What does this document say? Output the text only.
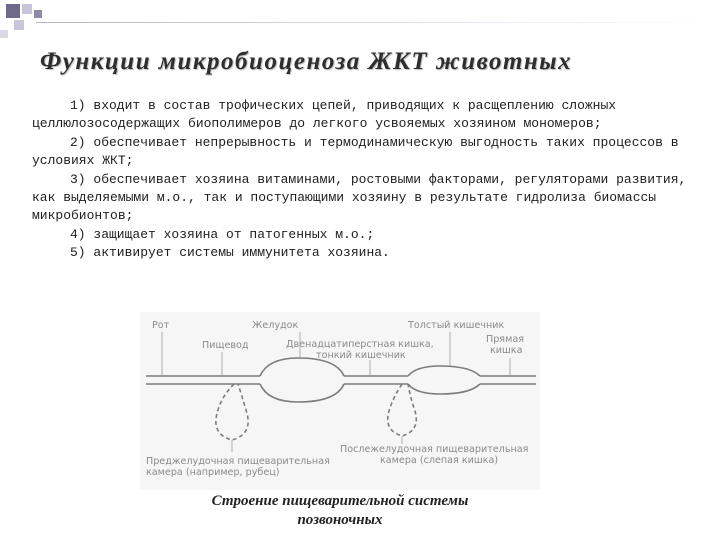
Функции микробиоценоза ЖКТ животных

1) входит в состав трофических цепей, приводящих к расщеплению сложных целлюлозосодержащих биополимеров до легкого усвояемых хозяином мономеров;

2) обеспечивает непрерывность и термодинамическую выгодность таких процессов в условиях ЖКТ;

3) обеспечивает хозяина витаминами, ростовыми факторами, регуляторами развития, как выделяемыми м.о., так и поступающими хозяину в результате гидролиза биомассы микробионтов;

4) защищает хозяина от патогенных м.о.;

5) активирует системы иммунитета хозяина.

Рот	Желудок	Толстый кишечник
Пищевод	Двенадцатиперстная кишка,
тонкий кишечник
Прямая
кишка
Преджелудочная пищеварительная
камера (например, рубец)
Послежелудочная пищеварительная
камера (слепая кишка)
Строение пищеварительной системы
позвоночных
